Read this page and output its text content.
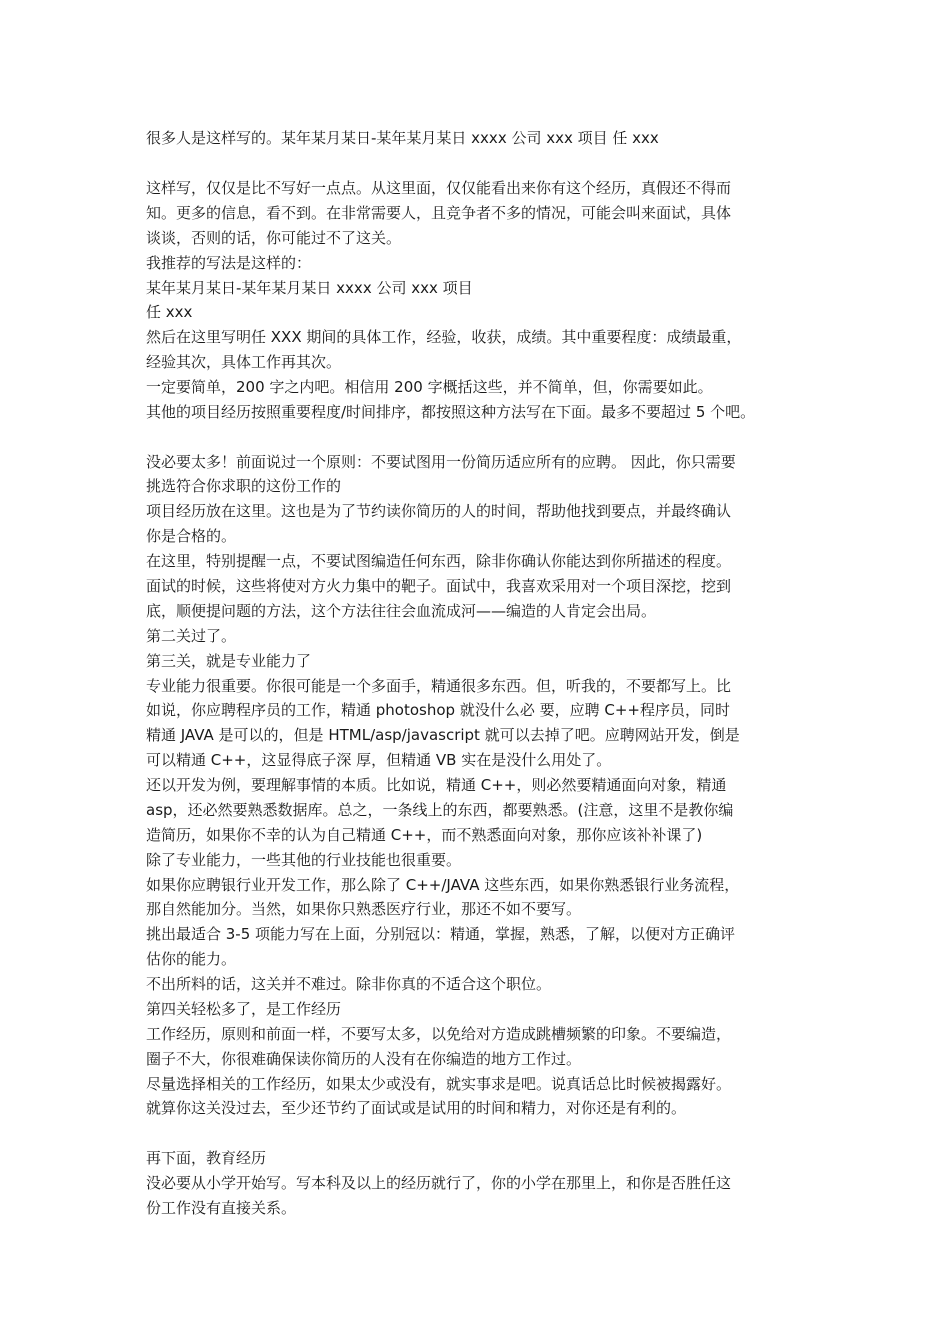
很多人是这样写的。某年某月某日-某年某月某日 xxxx 公司 xxx 项目 任 xxx
这样写，仅仅是比不写好一点点。从这里面，仅仅能看出来你有这个经历，真假还不得而
知。更多的信息，看不到。在非常需要人，且竞争者不多的情况，可能会叫来面试，具体
谈谈，否则的话，你可能过不了这关。
我推荐的写法是这样的：
某年某月某日-某年某月某日 xxxx 公司 xxx 项目
任 xxx
然后在这里写明任 XXX 期间的具体工作，经验，收获，成绩。其中重要程度：成绩最重，
经验其次，具体工作再其次。
一定要简单，200 字之内吧。相信用 200 字概括这些，并不简单，但，你需要如此。
其他的项目经历按照重要程度/时间排序，都按照这种方法写在下面。最多不要超过 5 个吧。
没必要太多！前面说过一个原则：不要试图用一份简历适应所有的应聘。 因此，你只需要
挑选符合你求职的这份工作的
项目经历放在这里。这也是为了节约读你简历的人的时间，帮助他找到要点，并最终确认
你是合格的。
在这里，特别提醒一点，不要试图编造任何东西，除非你确认你能达到你所描述的程度。
面试的时候，这些将使对方火力集中的靶子。面试中，我喜欢采用对一个项目深挖，挖到
底，顺便提问题的方法，这个方法往往会血流成河——编造的人肯定会出局。
第二关过了。
第三关，就是专业能力了
专业能力很重要。你很可能是一个多面手，精通很多东西。但，听我的，不要都写上。比
如说，你应聘程序员的工作，精通 photoshop 就没什么必 要，应聘 C++程序员，同时
精通 JAVA 是可以的，但是 HTML/asp/javascript 就可以去掉了吧。应聘网站开发，倒是
可以精通 C++，这显得底子深 厚，但精通 VB 实在是没什么用处了。
还以开发为例，要理解事情的本质。比如说，精通 C++，则必然要精通面向对象，精通
asp，还必然要熟悉数据库。总之，一条线上的东西，都要熟悉。(注意，这里不是教你编
造简历，如果你不幸的认为自己精通 C++，而不熟悉面向对象，那你应该补补课了)
除了专业能力，一些其他的行业技能也很重要。
如果你应聘银行业开发工作，那么除了 C++/JAVA 这些东西，如果你熟悉银行业务流程，
那自然能加分。当然，如果你只熟悉医疗行业，那还不如不要写。
挑出最适合 3-5 项能力写在上面，分别冠以：精通，掌握，熟悉，了解，以便对方正确评
估你的能力。
不出所料的话，这关并不难过。除非你真的不适合这个职位。
第四关轻松多了，是工作经历
工作经历，原则和前面一样，不要写太多，以免给对方造成跳槽频繁的印象。不要编造，
圈子不大，你很难确保读你简历的人没有在你编造的地方工作过。
尽量选择相关的工作经历，如果太少或没有，就实事求是吧。说真话总比时候被揭露好。
就算你这关没过去，至少还节约了面试或是试用的时间和精力，对你还是有利的。
再下面，教育经历
没必要从小学开始写。写本科及以上的经历就行了，你的小学在那里上，和你是否胜任这
份工作没有直接关系。
